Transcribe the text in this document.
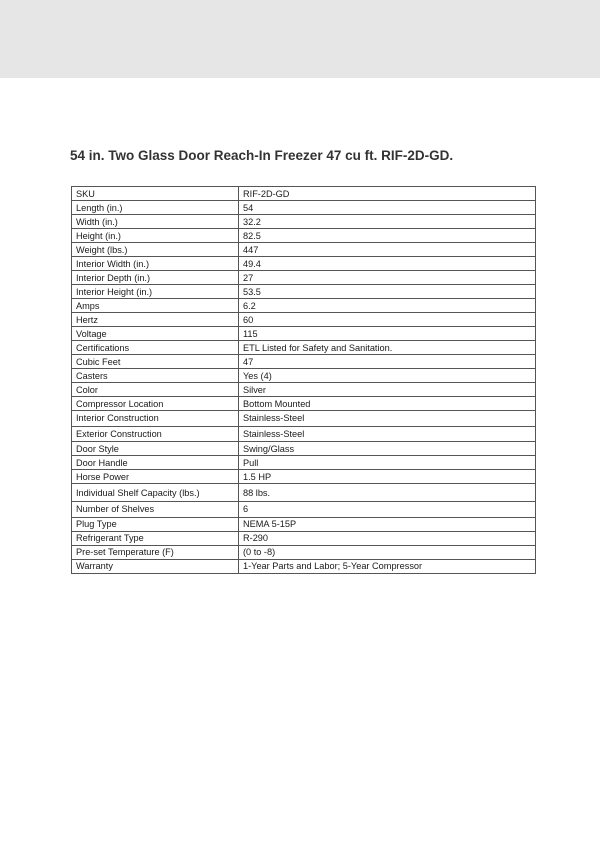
54 in. Two Glass Door Reach-In Freezer 47 cu ft. RIF-2D-GD.
SKU	RIF-2D-GD
Length (in.)	54
Width (in.)	32.2
Height (in.)	82.5
Weight (lbs.)	447
Interior Width (in.)	49.4
Interior Depth (in.)	27
Interior Height (in.)	53.5
Amps	6.2
Hertz	60
Voltage	115
Certifications	ETL Listed for Safety and Sanitation.
Cubic Feet	47
Casters	Yes (4)
Color	Silver
Compressor Location	Bottom Mounted
Interior Construction	Stainless-Steel
Exterior Construction	Stainless-Steel
Door Style	Swing/Glass
Door Handle	Pull
Horse Power	1.5 HP
Individual Shelf Capacity (lbs.)	88 lbs.
Number of Shelves	6
Plug Type	NEMA 5-15P
Refrigerant Type	R-290
Pre-set Temperature (F)	(0 to -8)
Warranty	1-Year Parts and Labor; 5-Year Compressor
